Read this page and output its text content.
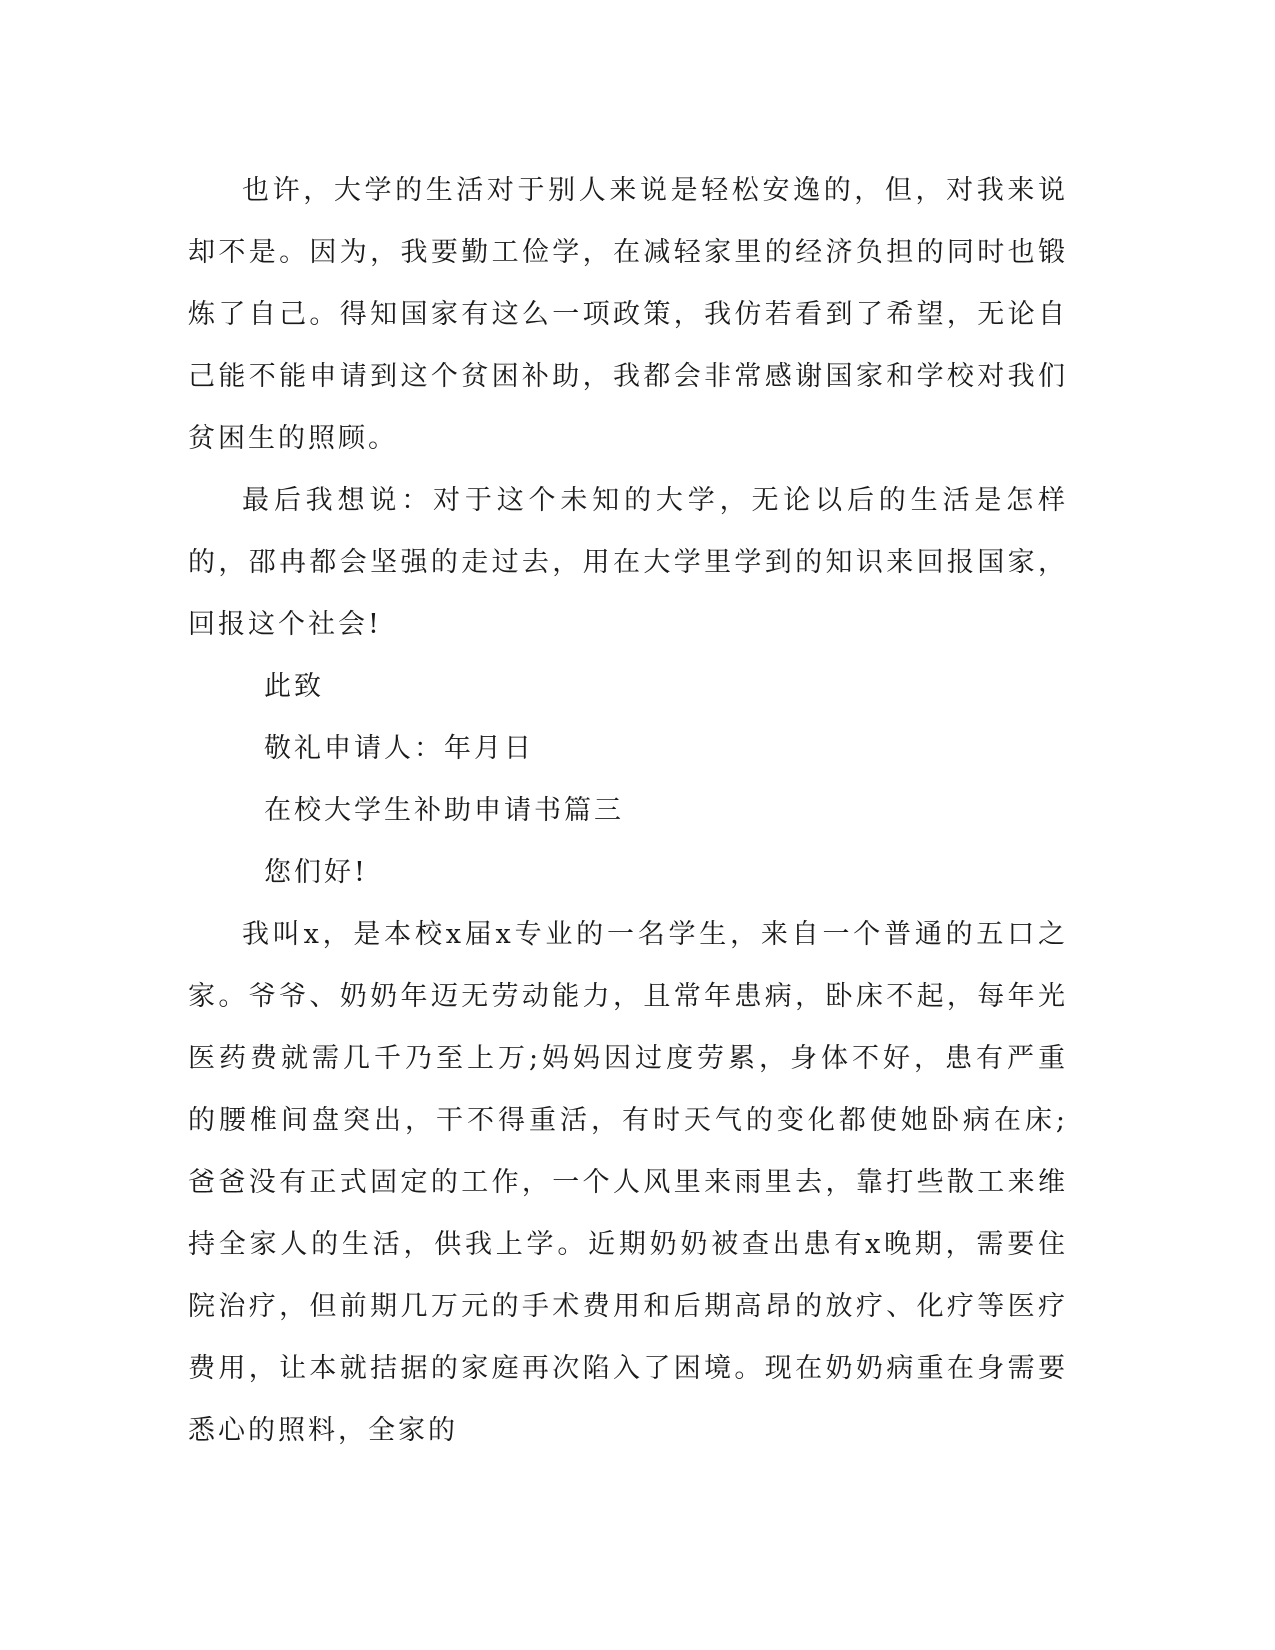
也许，大学的生活对于别人来说是轻松安逸的，但，对我来说却不是。因为，我要勤工俭学，在减轻家里的经济负担的同时也锻炼了自己。得知国家有这么一项政策，我仿若看到了希望，无论自己能不能申请到这个贫困补助，我都会非常感谢国家和学校对我们贫困生的照顾。

最后我想说：对于这个未知的大学，无论以后的生活是怎样的，邵冉都会坚强的走过去，用在大学里学到的知识来回报国家，回报这个社会!

此致

敬礼申请人：年月日

在校大学生补助申请书篇三

您们好!

我叫x，是本校x届x专业的一名学生，来自一个普通的五口之家。爷爷、奶奶年迈无劳动能力，且常年患病，卧床不起，每年光医药费就需几千乃至上万;妈妈因过度劳累，身体不好，患有严重的腰椎间盘突出，干不得重活，有时天气的变化都使她卧病在床;爸爸没有正式固定的工作，一个人风里来雨里去，靠打些散工来维持全家人的生活，供我上学。近期奶奶被查出患有x晚期，需要住院治疗，但前期几万元的手术费用和后期高昂的放疗、化疗等医疗费用，让本就拮据的家庭再次陷入了困境。现在奶奶病重在身需要悉心的照料，全家的
